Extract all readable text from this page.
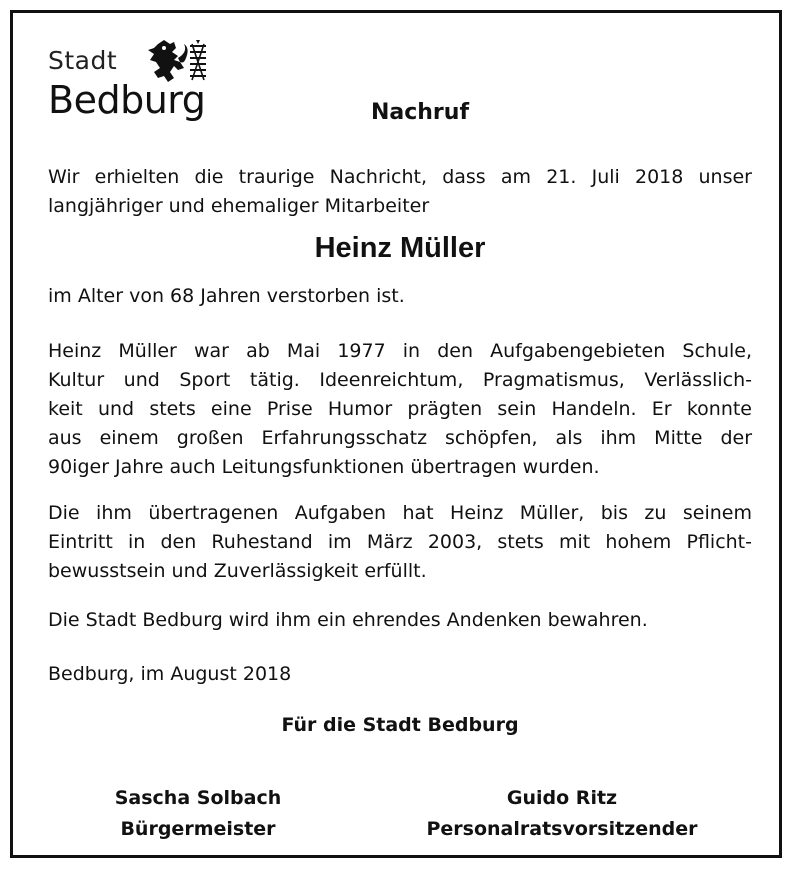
Stadt
Bedburg	Nachruf
Wir erhielten die traurige Nachricht, dass am 21. Juli 2018 unser
langjähriger und ehemaliger Mitarbeiter
Heinz Müller
im Alter von 68 Jahren verstorben ist.
Heinz Müller war ab Mai 1977 in den Aufgabengebieten Schule,
Kultur und Sport tätig. Ideenreichtum, Pragmatismus, Verlässlich-
keit und stets eine Prise Humor prägten sein Handeln. Er konnte
aus einem großen Erfahrungsschatz schöpfen, als ihm Mitte der
90iger Jahre auch Leitungsfunktionen übertragen wurden.
Die ihm übertragenen Aufgaben hat Heinz Müller, bis zu seinem
Eintritt in den Ruhestand im März 2003, stets mit hohem Pflicht-
bewusstsein und Zuverlässigkeit erfüllt.
Die Stadt Bedburg wird ihm ein ehrendes Andenken bewahren.
Bedburg, im August 2018
Für die Stadt Bedburg
Sascha Solbach
Bürgermeister
Guido Ritz
Personalratsvorsitzender
